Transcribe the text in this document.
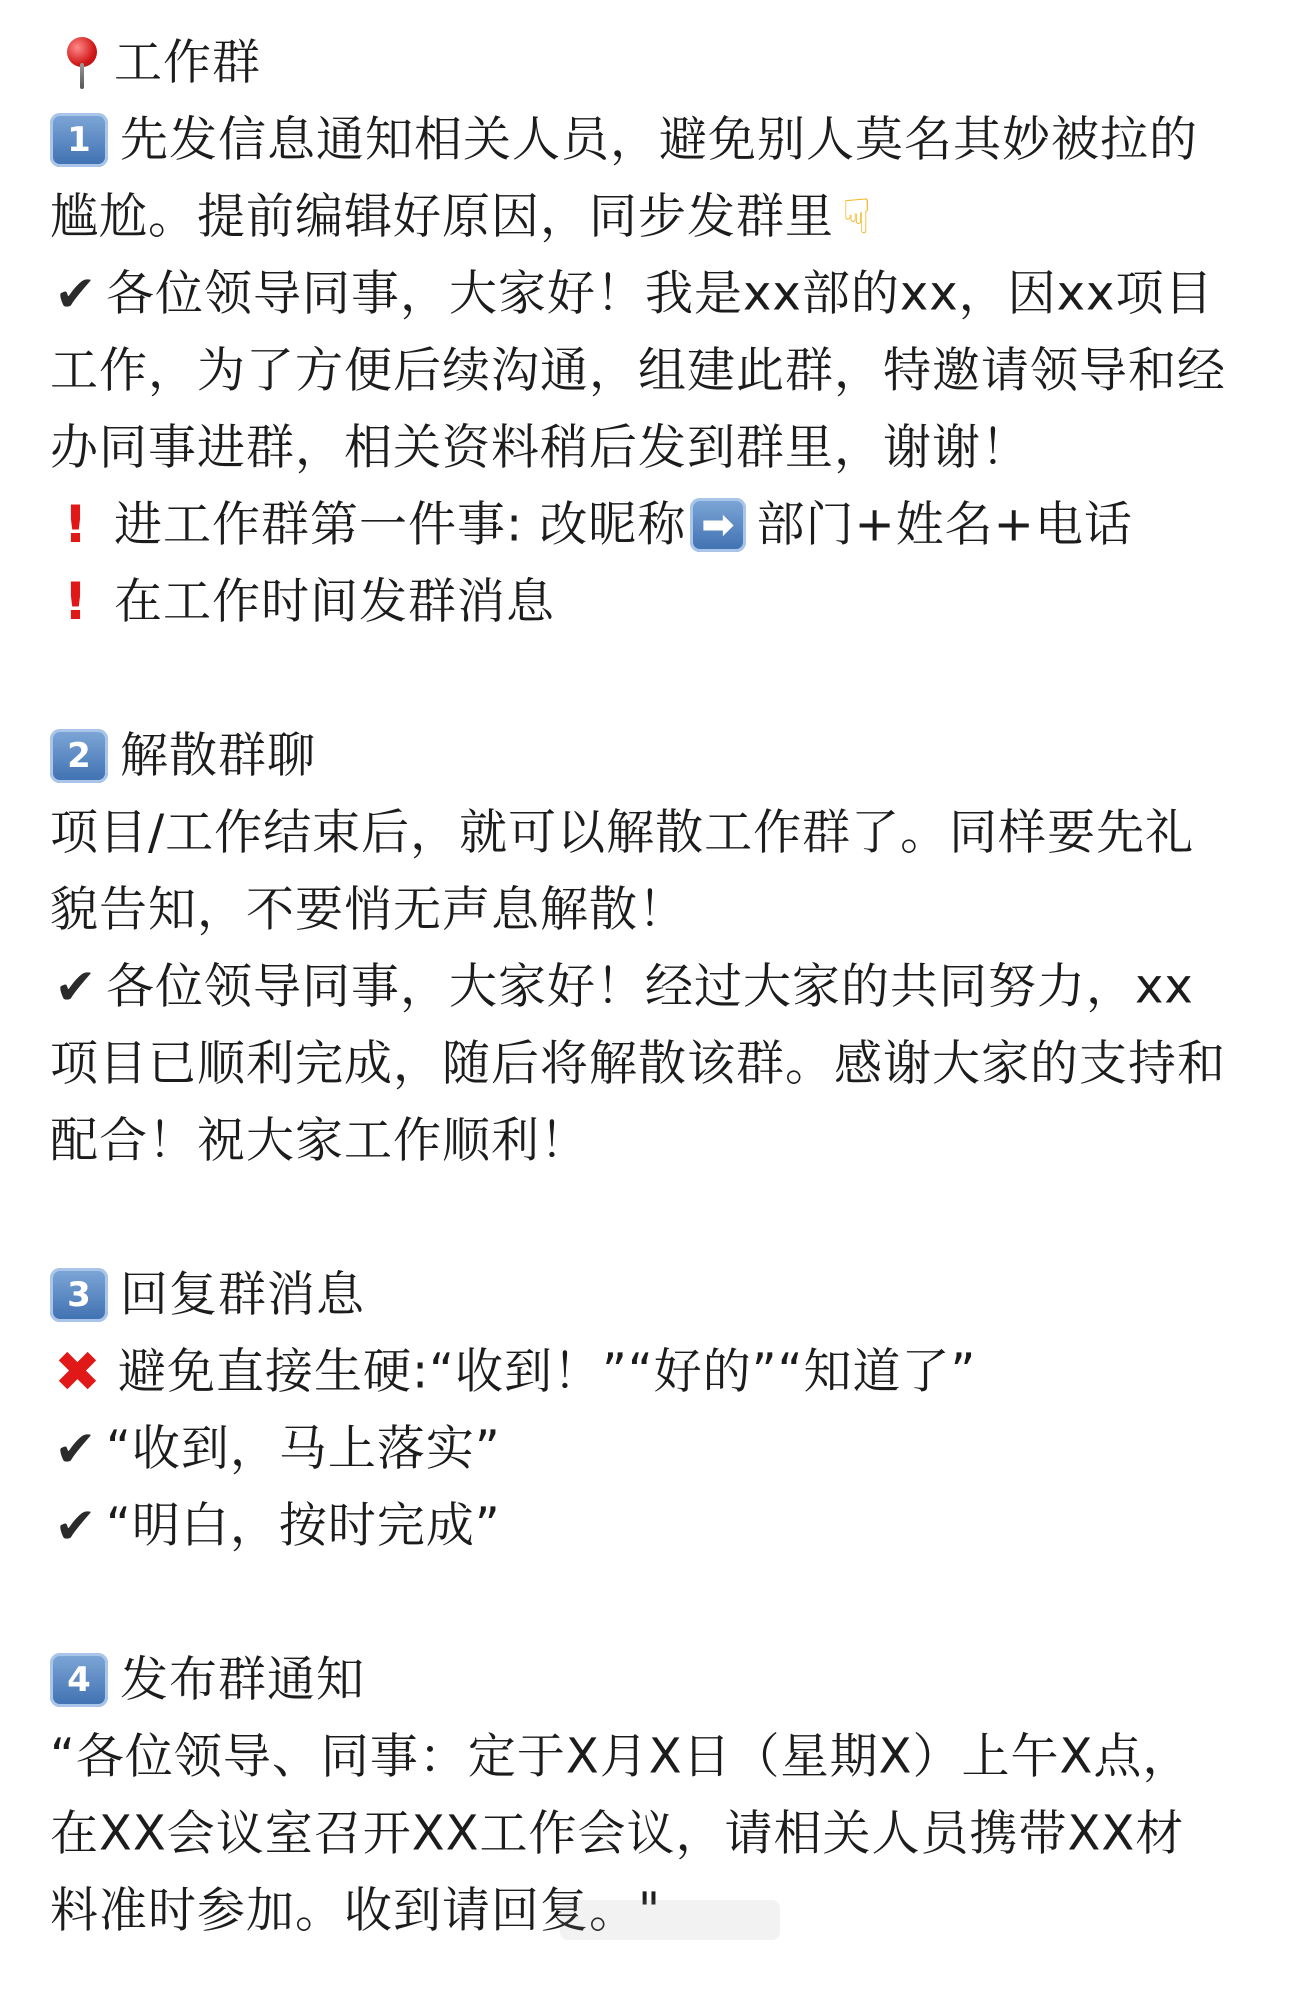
工作群
1 先发信息通知相关人员，避免别人莫名其妙被拉的
尴尬。提前编辑好原因，同步发群里 ☟
✔ 各位领导同事，大家好！我是xx部的xx，因xx项目
工作，为了方便后续沟通，组建此群，特邀请领导和经
办同事进群，相关资料稍后发到群里，谢谢！
! 进工作群第一件事: 改昵称 ➡ 部门+姓名+电话
! 在工作时间发群消息
2 解散群聊
项目/工作结束后，就可以解散工作群了。同样要先礼
貌告知，不要悄无声息解散！
✔ 各位领导同事，大家好！经过大家的共同努力，xx
项目已顺利完成，随后将解散该群。感谢大家的支持和
配合！祝大家工作顺利！
3 回复群消息
✖ 避免直接生硬:“收到！”“好的”“知道了”
✔ “收到，马上落实”
✔ “明白，按时完成”
4 发布群通知
“各位领导、同事：定于X月X日（星期X）上午X点，
在XX会议室召开XX工作会议，请相关人员携带XX材
料准时参加。收到请回复。"
